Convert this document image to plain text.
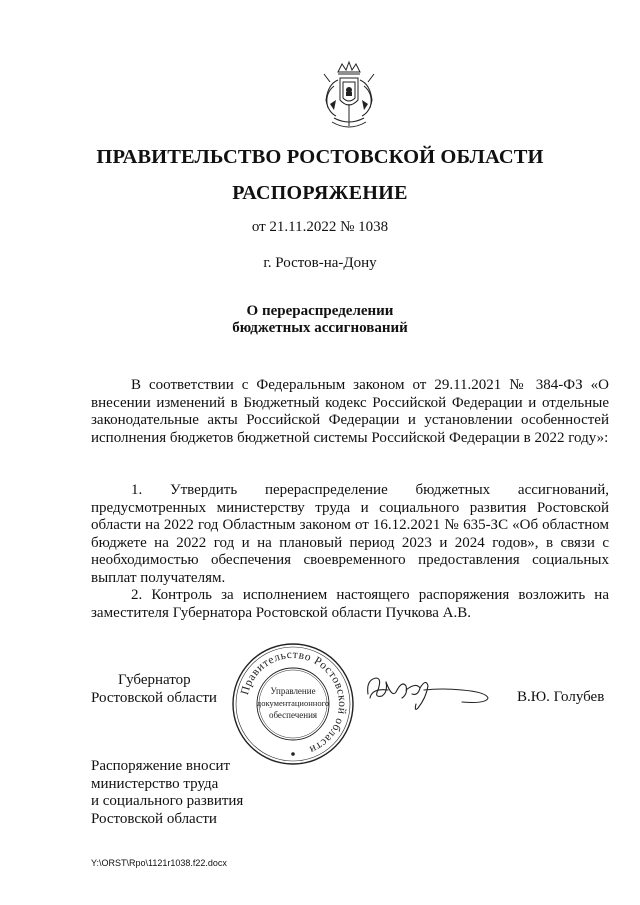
ПРАВИТЕЛЬСТВО РОСТОВСКОЙ ОБЛАСТИ
РАСПОРЯЖЕНИЕ
от 21.11.2022 № 1038
г. Ростов-на-Дону
О перераспределении
бюджетных ассигнований

В соответствии с Федеральным законом от 29.11.2021 № 384-ФЗ «О внесении изменений в Бюджетный кодекс Российской Федерации и отдельные законодательные акты Российской Федерации и установлении особенностей исполнения бюджетов бюджетной системы Российской Федерации в 2022 году»:

1. Утвердить перераспределение бюджетных ассигнований, предусмотренных министерству труда и социального развития Ростовской области на 2022 год Областным законом от 16.12.2021 № 635-ЗС «Об областном бюджете на 2022 год и на плановый период 2023 и 2024 годов», в связи с необходимостью обеспечения своевременного предоставления социальных выплат получателям.

2. Контроль за исполнением настоящего распоряжения возложить на заместителя Губернатора Ростовской области Пучкова А.В.

Губернатор
Ростовской области Правительство Ростовской области
Управление
документационного
обеспечения
В.Ю. Голубев
Распоряжение вносит
министерство труда
и социального развития
Ростовской области
Y:\ORST\Rpo\1121r1038.f22.docx
